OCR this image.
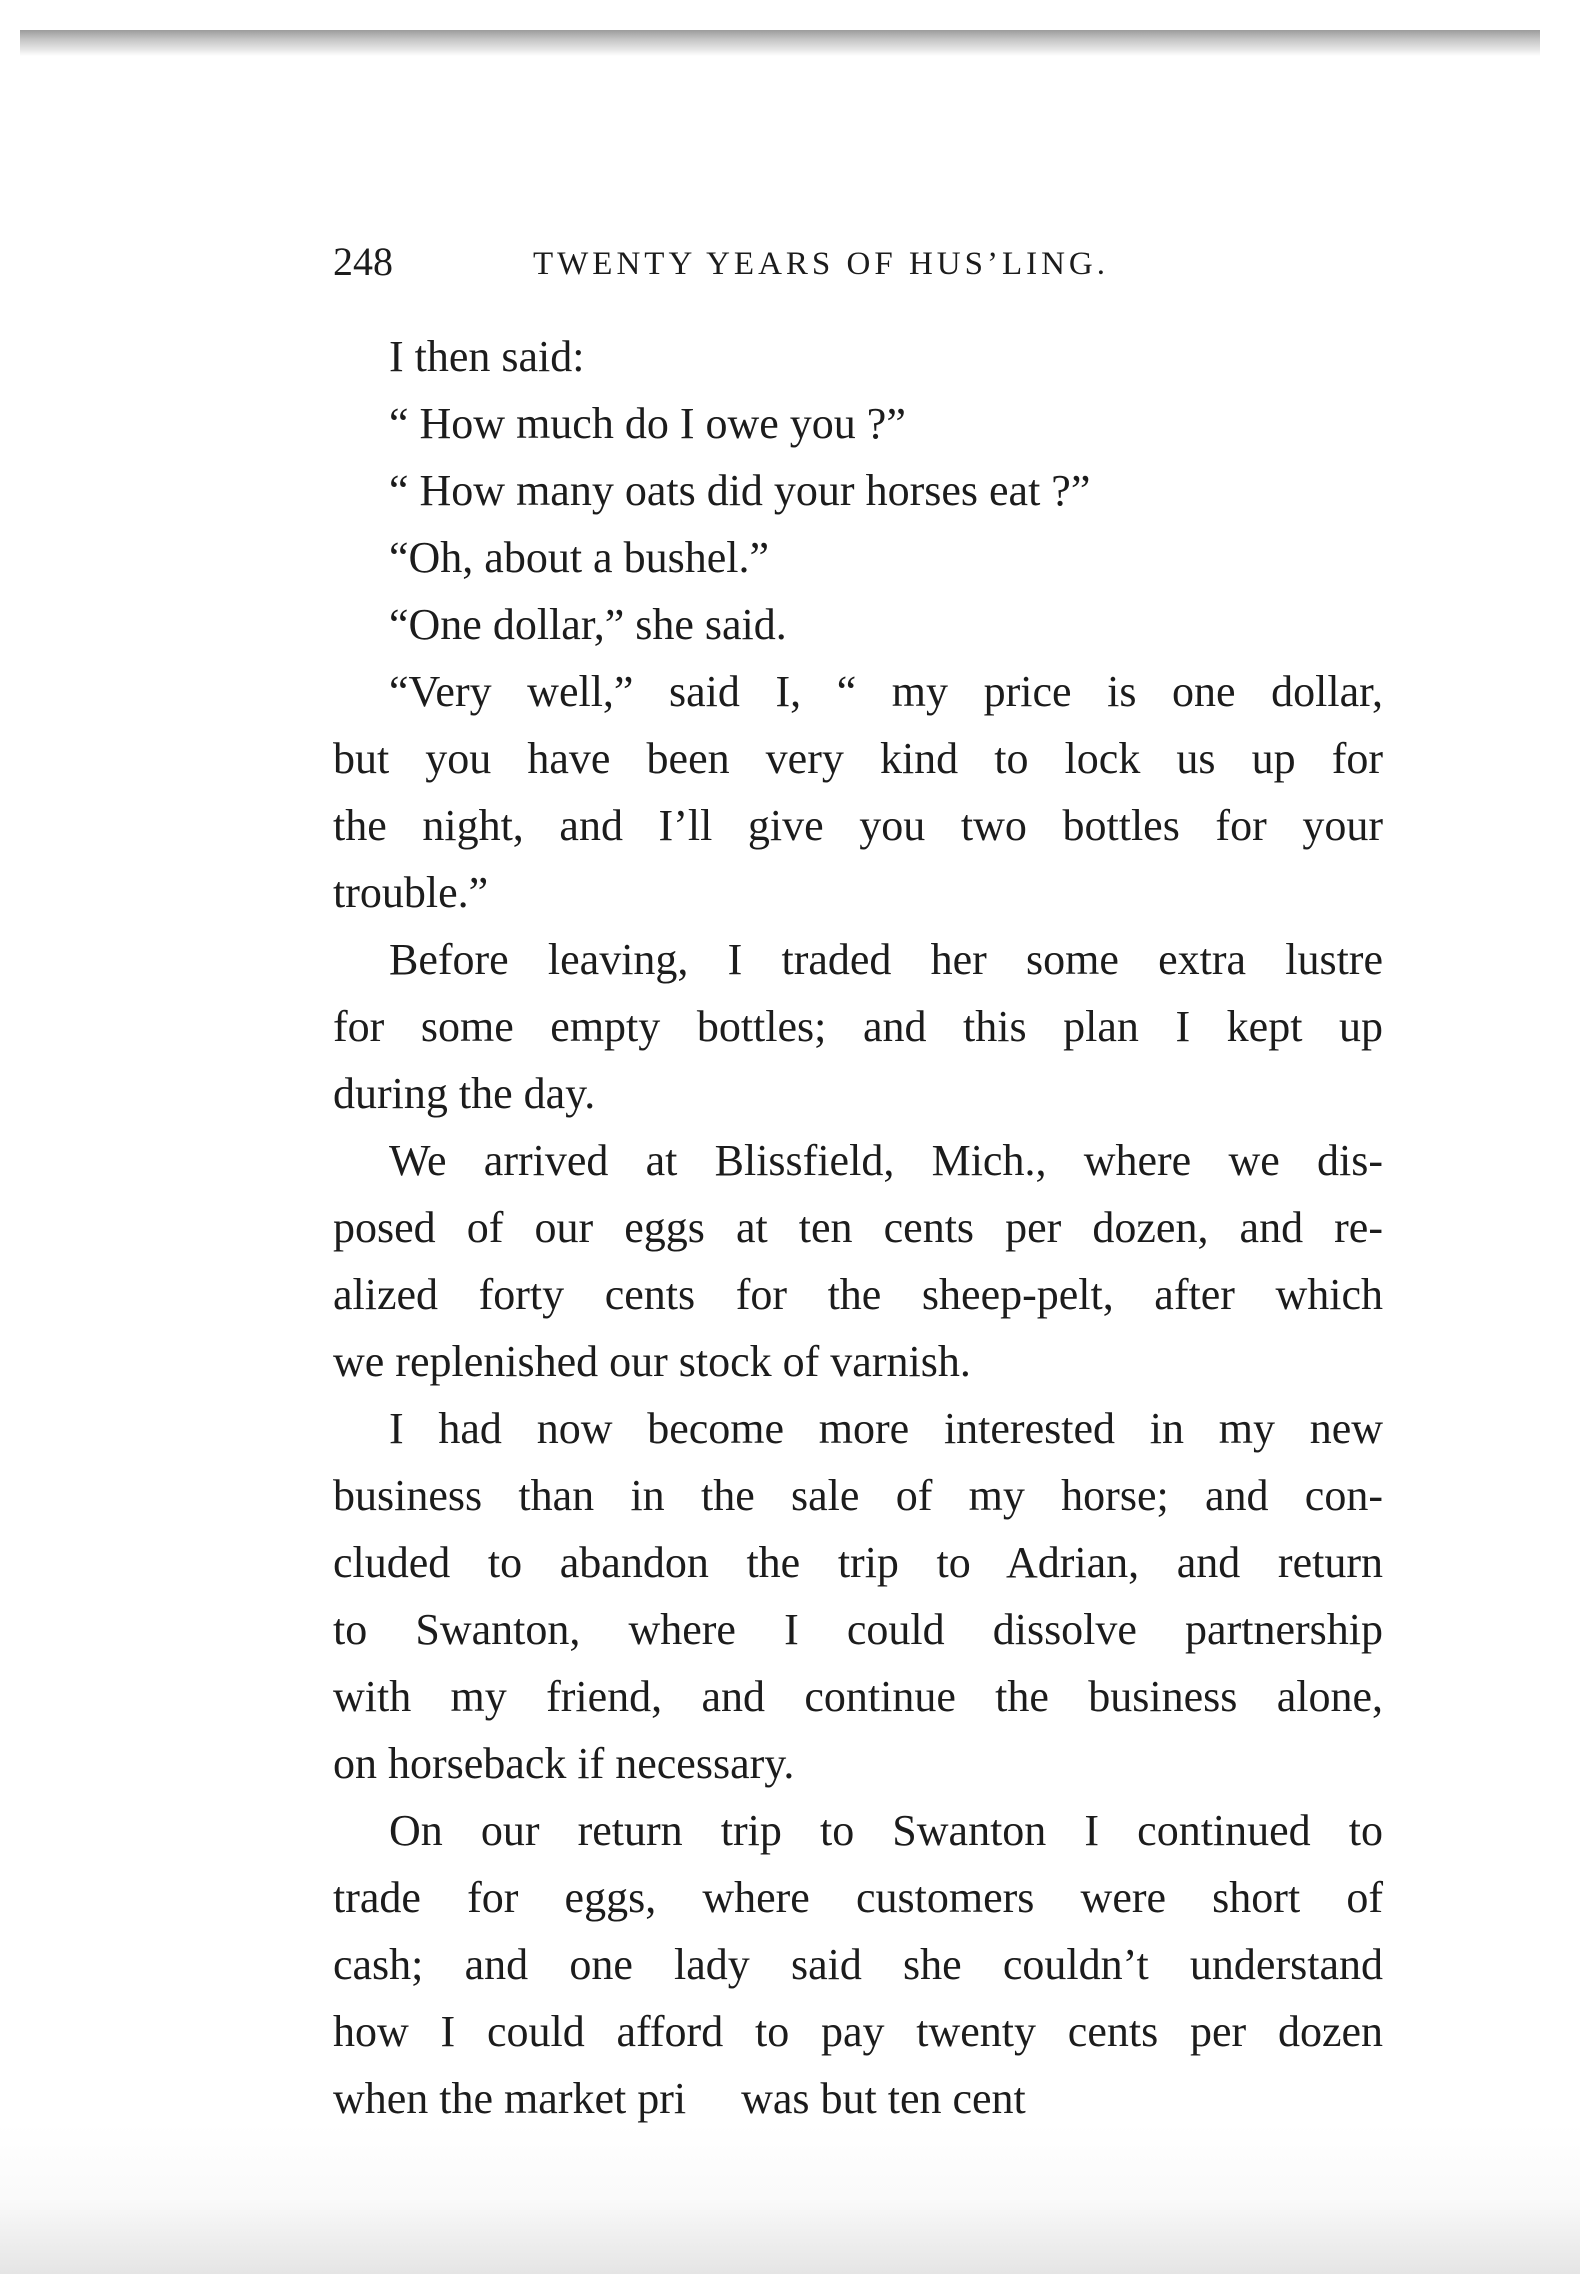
248	TWENTY YEARS OF HUS’LING.
I then said:
“ How much do I owe you ?”
“ How many oats did your horses eat ?”
“Oh, about a bushel.”
“One dollar,” she said.
“Very well,” said I, “ my price is one dollar,
but you have been very kind to lock us up for
the night, and I’ll give you two bottles for your
trouble.”
Before leaving, I traded her some extra lustre
for some empty bottles; and this plan I kept up
during the day.
We arrived at Blissfield, Mich., where we dis-
posed of our eggs at ten cents per dozen, and re-
alized forty cents for the sheep-pelt, after which
we replenished our stock of varnish.
I had now become more interested in my new
business than in the sale of my horse; and con-
cluded to abandon the trip to Adrian, and return
to Swanton, where I could dissolve partnership
with my friend, and continue the business alone,
on horseback if necessary.
On our return trip to Swanton I continued to
trade for eggs, where customers were short of
cash; and one lady said she couldn’t understand
how I could afford to pay twenty cents per dozen
when the market pri     was but ten cent
